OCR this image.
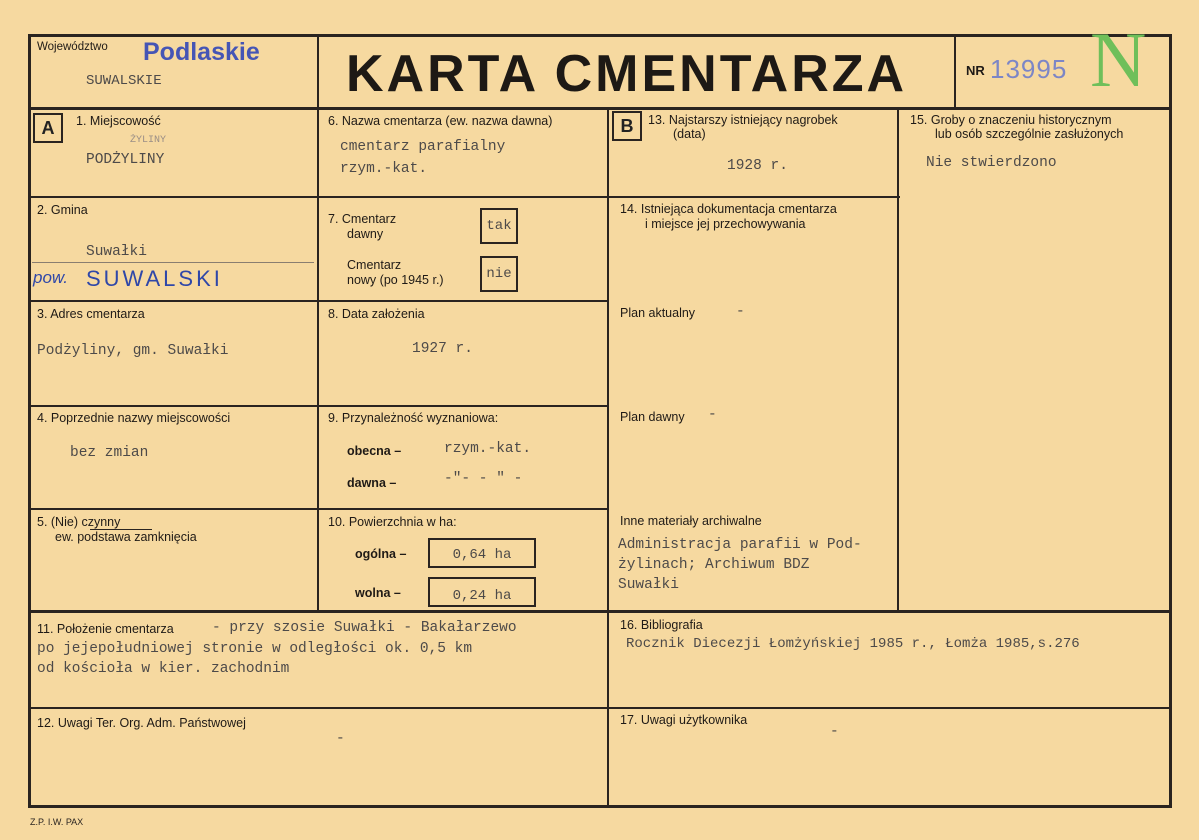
Województwo Podlaskie
SUWALSKIE	KARTA CMENTARZA	NR 13995 N
A	B
1. Miejscowość
ŻYLINY
PODŻYLINY
2. Gmina
Suwałki
pow. SUWALSKI
3. Adres cmentarza
Podżyliny, gm. Suwałki
4. Poprzednie nazwy miejscowości
bez zmian
5. (Nie) czynny
ew. podstawa zamknięcia
6. Nazwa cmentarza (ew. nazwa dawna)
cmentarz parafialny
rzym.-kat.
7. Cmentarz
dawny	tak
Cmentarz
nowy (po 1945 r.)	nie
8. Data założenia
1927 r.
9. Przynależność wyznaniowa:
obecna –	rzym.-kat.
dawna –	-"- - " -
10. Powierzchnia w ha:
ogólna –	0,64 ha
wolna –	0,24 ha
11. Położenie cmentarza	- przy szosie Suwałki - Bakałarzewo
po jejepołudniowej stronie w odległości ok. 0,5 km
od kościoła w kier. zachodnim
12. Uwagi Ter. Org. Adm. Państwowej
-
13. Najstarszy istniejący nagrobek
(data)
1928 r.
14. Istniejąca dokumentacja cmentarza
i miejsce jej przechowywania
Plan aktualny	-
Plan dawny -
Inne materiały archiwalne
Administracja parafii w Pod-
żylinach; Archiwum BDZ
Suwałki
15. Groby o znaczeniu historycznym
lub osób szczególnie zasłużonych
Nie stwierdzono
16. Bibliografia
Rocznik Diecezji Łomżyńskiej 1985 r., Łomża 1985,s.276
17. Uwagi użytkownika
-
Z.P. I.W. PAX
